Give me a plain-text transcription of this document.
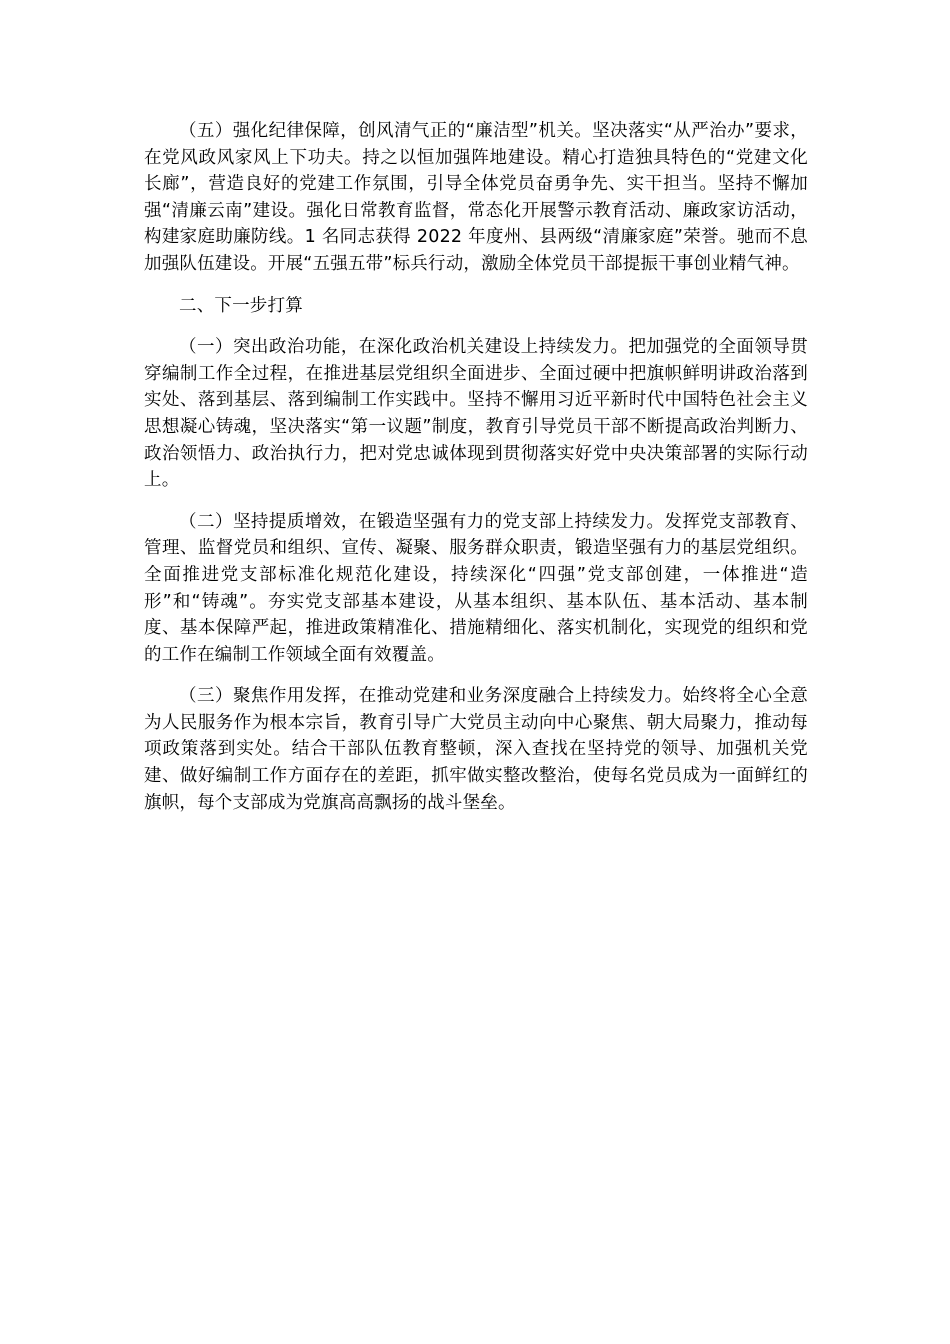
（五）强化纪律保障，创风清气正的“廉洁型”机关。坚决落实“从严治办”要求，在党风政风家风上下功夫。持之以恒加强阵地建设。精心打造独具特色的“党建文化长廊”，营造良好的党建工作氛围，引导全体党员奋勇争先、实干担当。坚持不懈加强“清廉云南”建设。强化日常教育监督，常态化开展警示教育活动、廉政家访活动，构建家庭助廉防线。1 名同志获得 2022 年度州、县两级“清廉家庭”荣誉。驰而不息加强队伍建设。开展“五强五带”标兵行动，激励全体党员干部提振干事创业精气神。

二、下一步打算

（一）突出政治功能，在深化政治机关建设上持续发力。把加强党的全面领导贯穿编制工作全过程，在推进基层党组织全面进步、全面过硬中把旗帜鲜明讲政治落到实处、落到基层、落到编制工作实践中。坚持不懈用习近平新时代中国特色社会主义思想凝心铸魂，坚决落实“第一议题”制度，教育引导党员干部不断提高政治判断力、政治领悟力、政治执行力，把对党忠诚体现到贯彻落实好党中央决策部署的实际行动上。

（二）坚持提质增效，在锻造坚强有力的党支部上持续发力。发挥党支部教育、管理、监督党员和组织、宣传、凝聚、服务群众职责，锻造坚强有力的基层党组织。全面推进党支部标准化规范化建设，持续深化“四强”党支部创建，一体推进“造形”和“铸魂”。夯实党支部基本建设，从基本组织、基本队伍、基本活动、基本制度、基本保障严起，推进政策精准化、措施精细化、落实机制化，实现党的组织和党的工作在编制工作领域全面有效覆盖。

（三）聚焦作用发挥，在推动党建和业务深度融合上持续发力。始终将全心全意为人民服务作为根本宗旨，教育引导广大党员主动向中心聚焦、朝大局聚力，推动每项政策落到实处。结合干部队伍教育整顿，深入查找在坚持党的领导、加强机关党建、做好编制工作方面存在的差距，抓牢做实整改整治，使每名党员成为一面鲜红的旗帜，每个支部成为党旗高高飘扬的战斗堡垒。
